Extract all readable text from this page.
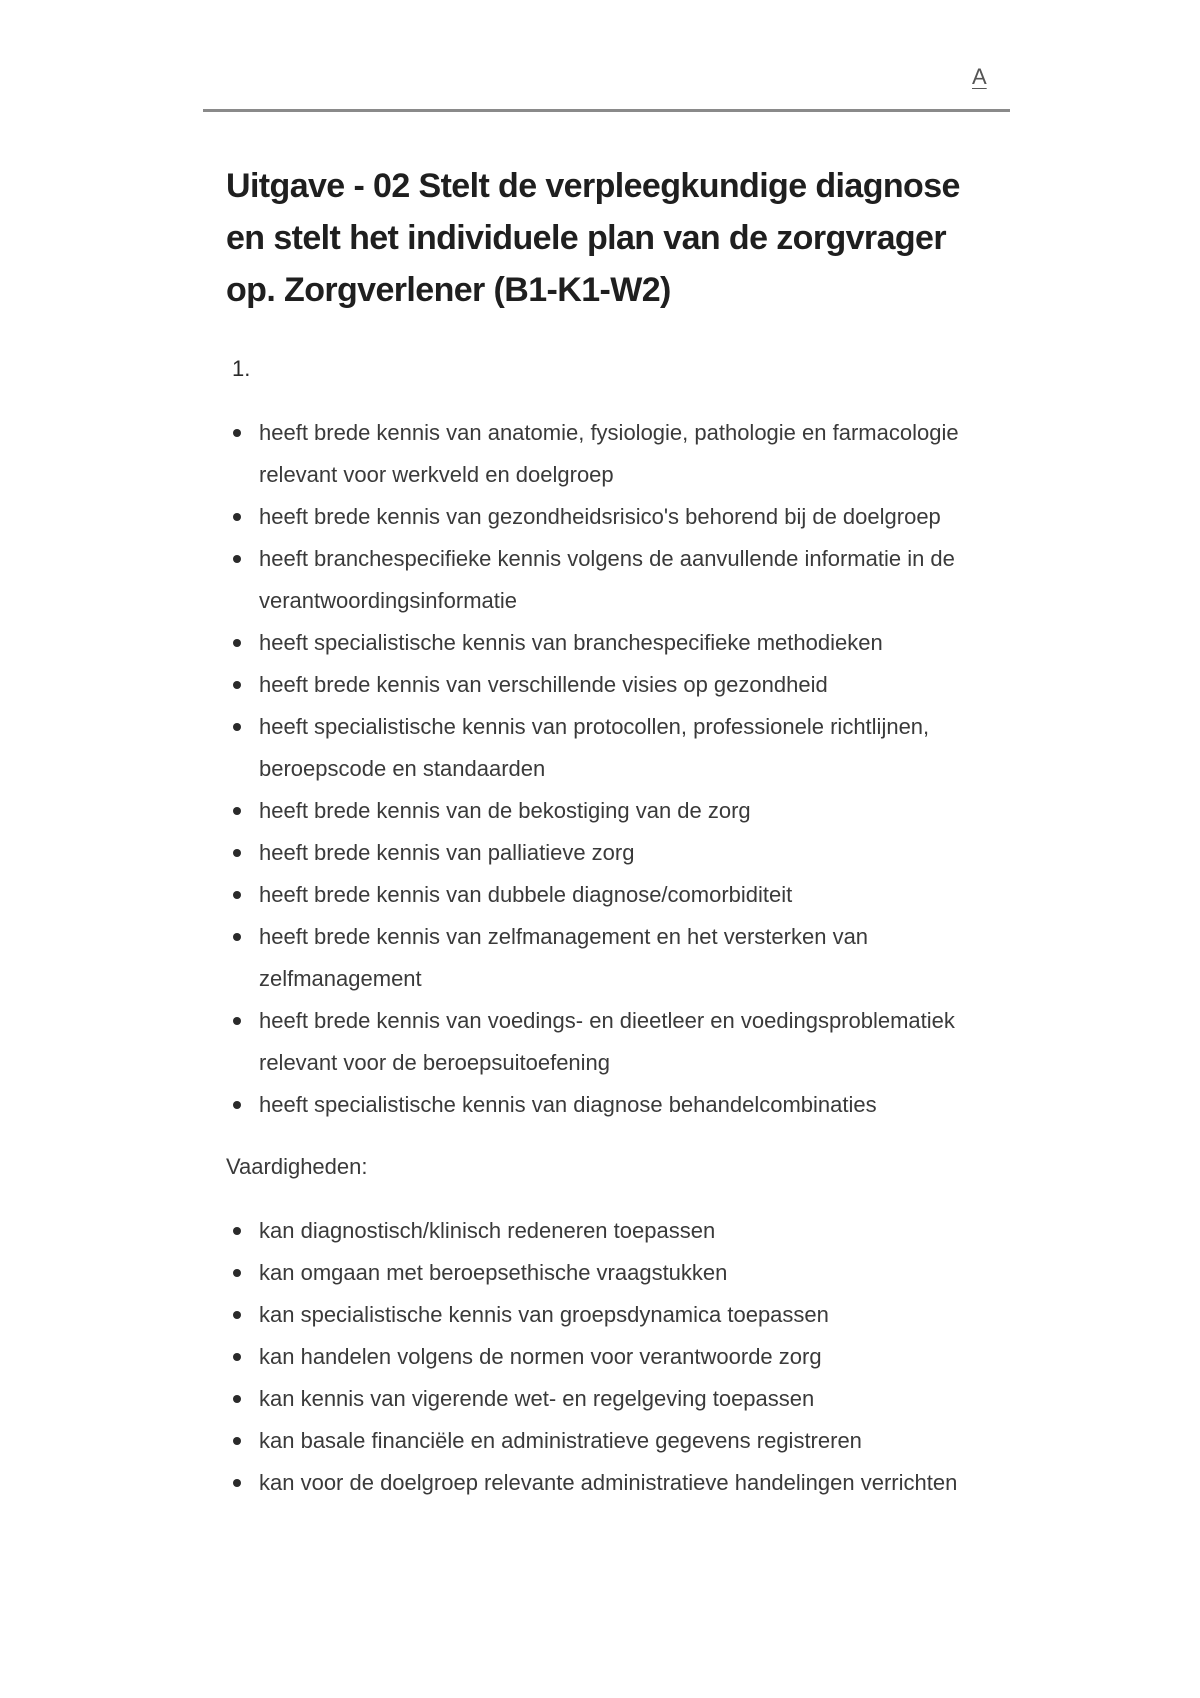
A
Uitgave - 02 Stelt de verpleegkundige diagnose en stelt het individuele plan van de zorgvrager op. Zorgverlener (B1-K1-W2)
1.
heeft brede kennis van anatomie, fysiologie, pathologie en farmacologie relevant voor werkveld en doelgroep
heeft brede kennis van gezondheidsrisico's behorend bij de doelgroep
heeft branchespecifieke kennis volgens de aanvullende informatie in de verantwoordingsinformatie
heeft specialistische kennis van branchespecifieke methodieken
heeft brede kennis van verschillende visies op gezondheid
heeft specialistische kennis van protocollen, professionele richtlijnen, beroepscode en standaarden
heeft brede kennis van de bekostiging van de zorg
heeft brede kennis van palliatieve zorg
heeft brede kennis van dubbele diagnose/comorbiditeit
heeft brede kennis van zelfmanagement en het versterken van zelfmanagement
heeft brede kennis van voedings- en dieetleer en voedingsproblematiek relevant voor de beroepsuitoefening
heeft specialistische kennis van diagnose behandelcombinaties
Vaardigheden:
kan diagnostisch/klinisch redeneren toepassen
kan omgaan met beroepsethische vraagstukken
kan specialistische kennis van groepsdynamica toepassen
kan handelen volgens de normen voor verantwoorde zorg
kan kennis van vigerende wet- en regelgeving toepassen
kan basale financiële en administratieve gegevens registreren
kan voor de doelgroep relevante administratieve handelingen verrichten
